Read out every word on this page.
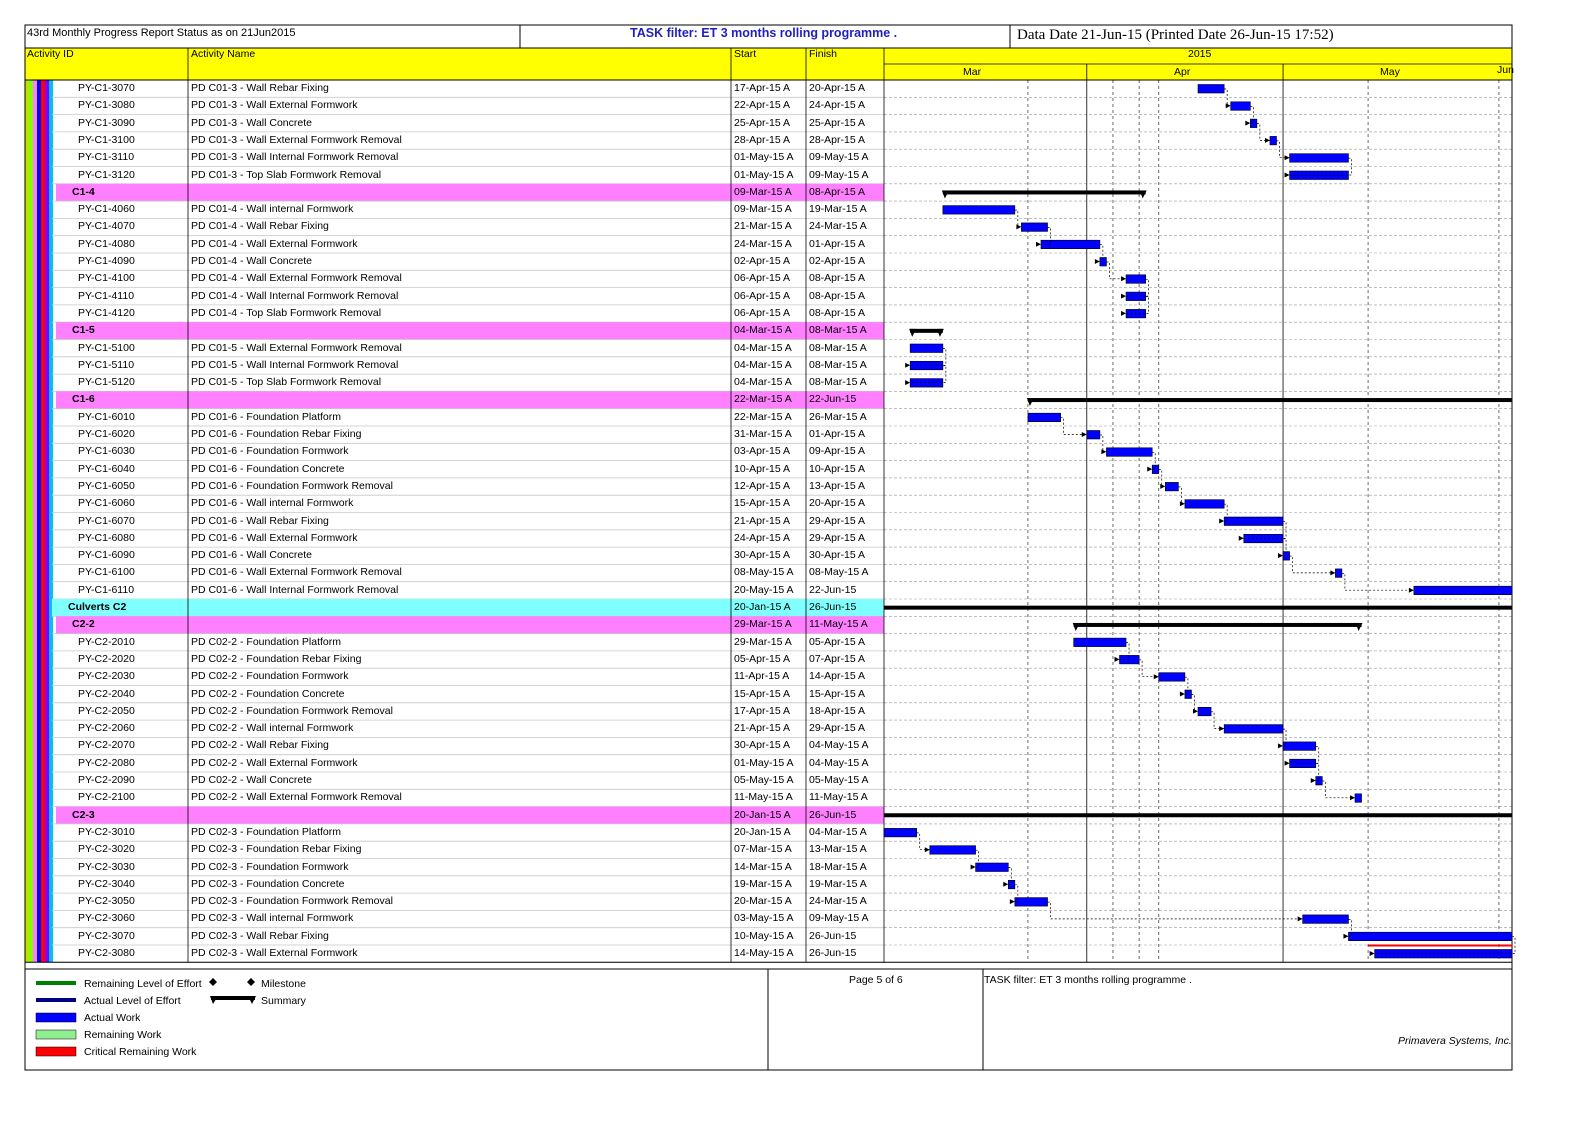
43rd Monthly Progress Report Status as on 21Jun2015	TASK filter: ET 3 months rolling programme .	Data Date 21-Jun-15 (Printed Date 26-Jun-15 17:52)
Activity ID	Activity Name	Start	Finish	2015
Mar	Apr	May	Jun
PY-C1-3070	PD C01-3 - Wall Rebar Fixing	17-Apr-15 A 20-Apr-15 A
PY-C1-3080	PD C01-3 - Wall External Formwork	22-Apr-15 A 24-Apr-15 A
PY-C1-3090	PD C01-3 - Wall Concrete	25-Apr-15 A 25-Apr-15 A
PY-C1-3100	PD C01-3 - Wall External Formwork Removal	28-Apr-15 A 28-Apr-15 A
PY-C1-3110	PD C01-3 - Wall Internal Formwork Removal	01-May-15 A 09-May-15 A
PY-C1-3120	PD C01-3 - Top Slab Formwork Removal	01-May-15 A 09-May-15 A
C1-4	09-Mar-15 A 08-Apr-15 A
PY-C1-4060	PD C01-4 - Wall internal Formwork	09-Mar-15 A 19-Mar-15 A
PY-C1-4070	PD C01-4 - Wall Rebar Fixing	21-Mar-15 A 24-Mar-15 A
PY-C1-4080	PD C01-4 - Wall External Formwork	24-Mar-15 A 01-Apr-15 A
PY-C1-4090	PD C01-4 - Wall Concrete	02-Apr-15 A 02-Apr-15 A
PY-C1-4100	PD C01-4 - Wall External Formwork Removal	06-Apr-15 A 08-Apr-15 A
PY-C1-4110	PD C01-4 - Wall Internal Formwork Removal	06-Apr-15 A 08-Apr-15 A
PY-C1-4120	PD C01-4 - Top Slab Formwork Removal	06-Apr-15 A 08-Apr-15 A
C1-5	04-Mar-15 A 08-Mar-15 A
PY-C1-5100	PD C01-5 - Wall External Formwork Removal	04-Mar-15 A 08-Mar-15 A
PY-C1-5110	PD C01-5 - Wall Internal Formwork Removal	04-Mar-15 A 08-Mar-15 A
PY-C1-5120	PD C01-5 - Top Slab Formwork Removal	04-Mar-15 A 08-Mar-15 A
C1-6	22-Mar-15 A 22-Jun-15
PY-C1-6010	PD C01-6 - Foundation Platform	22-Mar-15 A 26-Mar-15 A
PY-C1-6020	PD C01-6 - Foundation Rebar Fixing	31-Mar-15 A 01-Apr-15 A
PY-C1-6030	PD C01-6 - Foundation Formwork	03-Apr-15 A 09-Apr-15 A
PY-C1-6040	PD C01-6 - Foundation Concrete	10-Apr-15 A 10-Apr-15 A
PY-C1-6050	PD C01-6 - Foundation Formwork Removal	12-Apr-15 A 13-Apr-15 A
PY-C1-6060	PD C01-6 - Wall internal Formwork	15-Apr-15 A 20-Apr-15 A
PY-C1-6070	PD C01-6 - Wall Rebar Fixing	21-Apr-15 A 29-Apr-15 A
PY-C1-6080	PD C01-6 - Wall External Formwork	24-Apr-15 A 29-Apr-15 A
PY-C1-6090	PD C01-6 - Wall Concrete	30-Apr-15 A 30-Apr-15 A
PY-C1-6100	PD C01-6 - Wall External Formwork Removal	08-May-15 A 08-May-15 A
PY-C1-6110	PD C01-6 - Wall Internal Formwork Removal	20-May-15 A 22-Jun-15
Culverts C2	20-Jan-15 A 26-Jun-15
C2-2	29-Mar-15 A 11-May-15 A
PY-C2-2010	PD C02-2 - Foundation Platform	29-Mar-15 A 05-Apr-15 A
PY-C2-2020	PD C02-2 - Foundation Rebar Fixing	05-Apr-15 A 07-Apr-15 A
PY-C2-2030	PD C02-2 - Foundation Formwork	11-Apr-15 A 14-Apr-15 A
PY-C2-2040	PD C02-2 - Foundation Concrete	15-Apr-15 A 15-Apr-15 A
PY-C2-2050	PD C02-2 - Foundation Formwork Removal	17-Apr-15 A 18-Apr-15 A
PY-C2-2060	PD C02-2 - Wall internal Formwork	21-Apr-15 A 29-Apr-15 A
PY-C2-2070	PD C02-2 - Wall Rebar Fixing	30-Apr-15 A 04-May-15 A
PY-C2-2080	PD C02-2 - Wall External Formwork	01-May-15 A 04-May-15 A
PY-C2-2090	PD C02-2 - Wall Concrete	05-May-15 A 05-May-15 A
PY-C2-2100	PD C02-2 - Wall External Formwork Removal	11-May-15 A 11-May-15 A
C2-3	20-Jan-15 A 26-Jun-15
PY-C2-3010	PD C02-3 - Foundation Platform	20-Jan-15 A 04-Mar-15 A
PY-C2-3020	PD C02-3 - Foundation Rebar Fixing	07-Mar-15 A 13-Mar-15 A
PY-C2-3030	PD C02-3 - Foundation Formwork	14-Mar-15 A 18-Mar-15 A
PY-C2-3040	PD C02-3 - Foundation Concrete	19-Mar-15 A 19-Mar-15 A
PY-C2-3050	PD C02-3 - Foundation Formwork Removal	20-Mar-15 A 24-Mar-15 A
PY-C2-3060	PD C02-3 - Wall internal Formwork	03-May-15 A 09-May-15 A
PY-C2-3070	PD C02-3 - Wall Rebar Fixing	10-May-15 A 26-Jun-15
PY-C2-3080	PD C02-3 - Wall External Formwork	14-May-15 A 26-Jun-15
Remaining Level of Effort
Actual Level of Effort
Actual Work
Remaining Work
Critical Remaining Work
Milestone
Summary
Page 5 of 6	TASK filter: ET 3 months rolling programme .
Primavera Systems, Inc.
